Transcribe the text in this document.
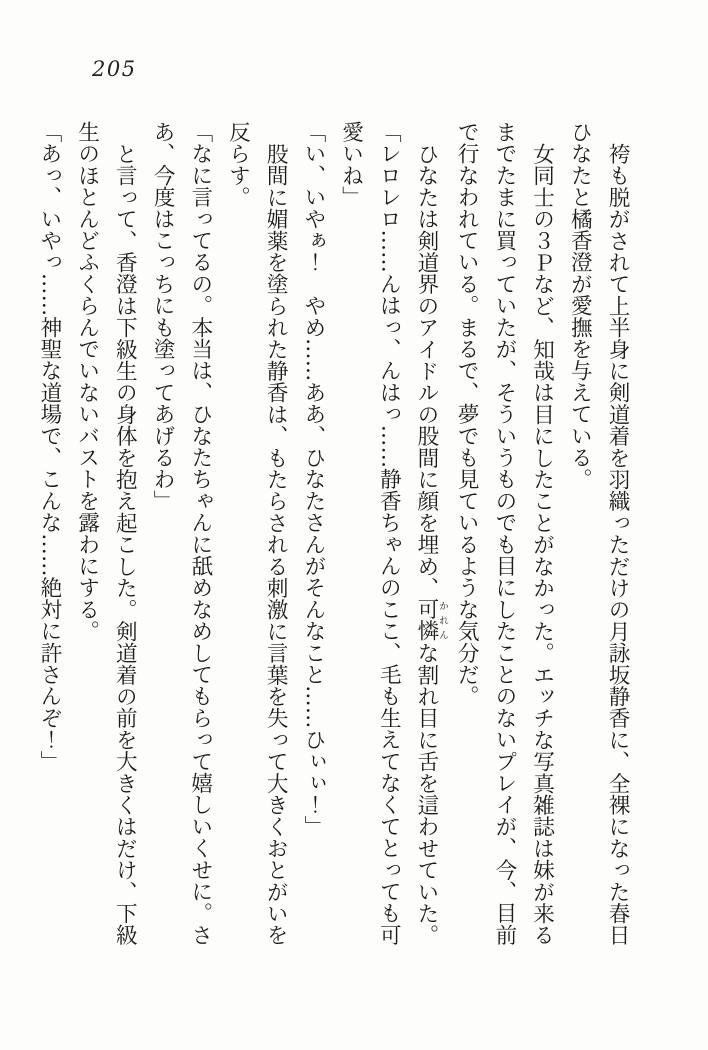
205

袴も脱がされて上半身に剣道着を羽織っただけの月詠坂静香に、全裸になった春日ひなたと橘香澄が愛撫を与えている。

女同士の３Ｐなど、知哉は目にしたことがなかった。エッチな写真雑誌は妹が来るまでたまに買っていたが、そういうものでも目にしたことのないプレイが、今、目前で行なわれている。まるで、夢でも見ているような気分だ。

ひなたは剣道界のアイドルの股間に顔を埋め、可憐かれんな割れ目に舌を這わせていた。

「レロレロ……んはっ、んはっ……静香ちゃんのここ、毛も生えてなくてとっても可愛いね」

「い、いやぁ！　やめ……ああ、ひなたさんがそんなこと……ひぃぃ！」

股間に媚薬を塗られた静香は、もたらされる刺激に言葉を失って大きくおとがいを反らす。

「なに言ってるの。本当は、ひなたちゃんに舐めなめしてもらって嬉しいくせに。さあ、今度はこっちにも塗ってあげるわ」

と言って、香澄は下級生の身体を抱え起こした。剣道着の前を大きくはだけ、下級生のほとんどふくらんでいないバストを露わにする。

「あっ、いやっ……神聖な道場で、こんな……絶対に許さんぞ！」
